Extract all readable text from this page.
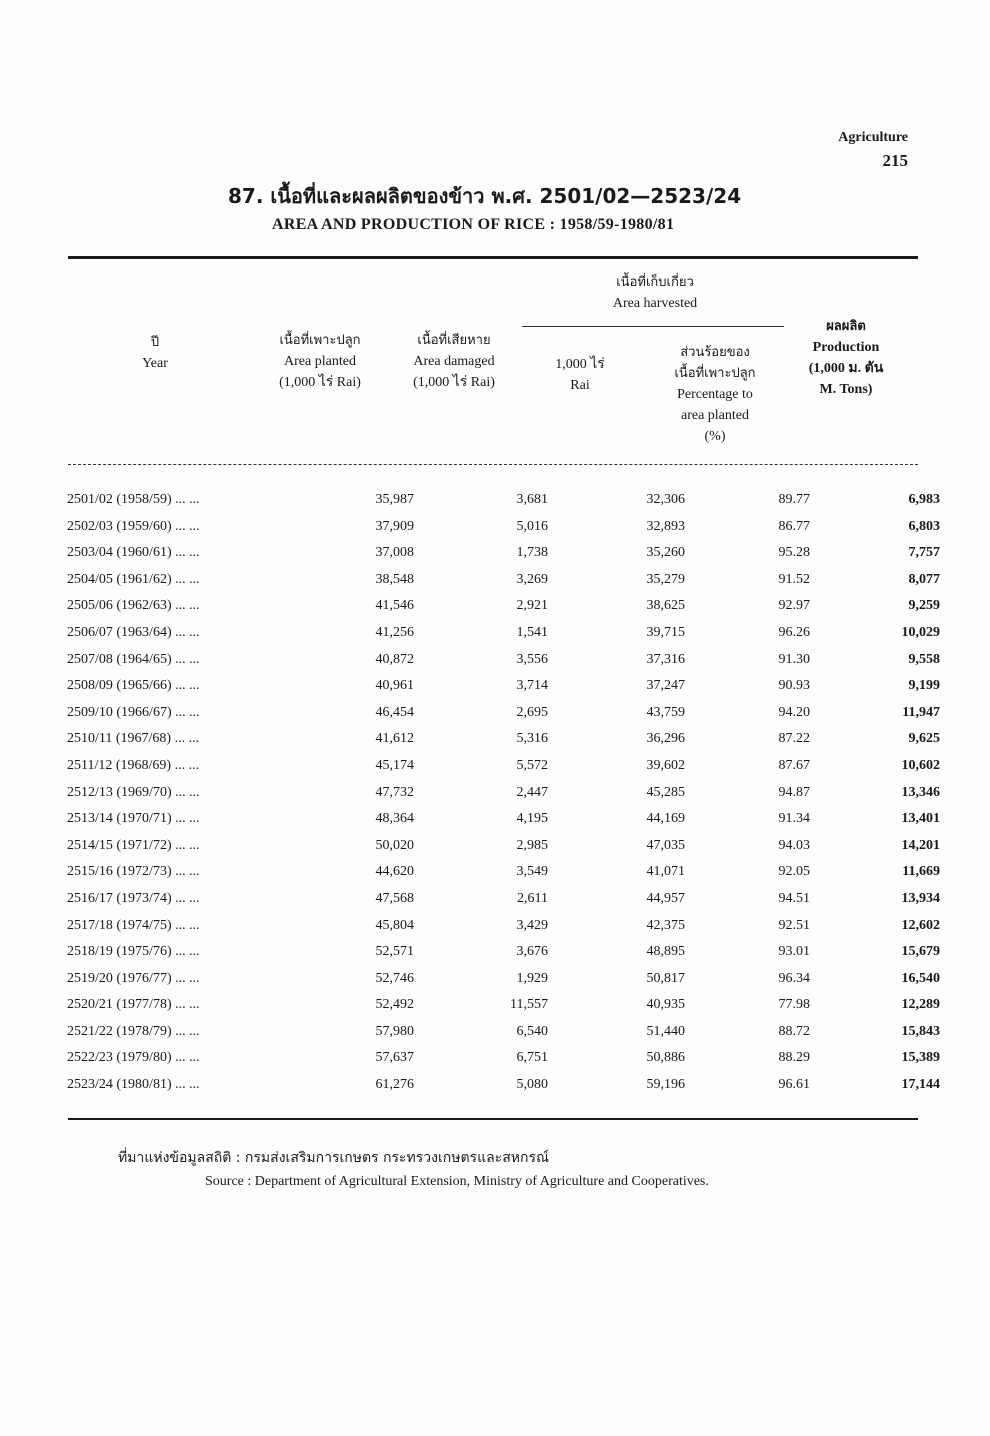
Agriculture
215
87. เนื้อที่และผลผลิตของข้าว พ.ศ. 2501/02—2523/24
AREA AND PRODUCTION OF RICE : 1958/59-1980/81
ปี
Year
เนื้อที่เพาะปลูก
Area planted
(1,000 ไร่ Rai)
เนื้อที่เสียหาย
Area damaged
(1,000 ไร่ Rai)
เนื้อที่เก็บเกี่ยว
Area harvested
1,000 ไร่
Rai
ส่วนร้อยของ
เนื้อที่เพาะปลูก
Percentage to
area planted
(%)
ผลผลิต
Production
(1,000 ม. ตัน
M. Tons)
2501/02 (1958/59) ... ...	35,987	3,681	32,306	89.77	6,983
2502/03 (1959/60) ... ...	37,909	5,016	32,893	86.77	6,803
2503/04 (1960/61) ... ...	37,008	1,738	35,260	95.28	7,757
2504/05 (1961/62) ... ...	38,548	3,269	35,279	91.52	8,077
2505/06 (1962/63) ... ...	41,546	2,921	38,625	92.97	9,259
2506/07 (1963/64) ... ...	41,256	1,541	39,715	96.26	10,029
2507/08 (1964/65) ... ...	40,872	3,556	37,316	91.30	9,558
2508/09 (1965/66) ... ...	40,961	3,714	37,247	90.93	9,199
2509/10 (1966/67) ... ...	46,454	2,695	43,759	94.20	11,947
2510/11 (1967/68) ... ...	41,612	5,316	36,296	87.22	9,625
2511/12 (1968/69) ... ...	45,174	5,572	39,602	87.67	10,602
2512/13 (1969/70) ... ...	47,732	2,447	45,285	94.87	13,346
2513/14 (1970/71) ... ...	48,364	4,195	44,169	91.34	13,401
2514/15 (1971/72) ... ...	50,020	2,985	47,035	94.03	14,201
2515/16 (1972/73) ... ...	44,620	3,549	41,071	92.05	11,669
2516/17 (1973/74) ... ...	47,568	2,611	44,957	94.51	13,934
2517/18 (1974/75) ... ...	45,804	3,429	42,375	92.51	12,602
2518/19 (1975/76) ... ...	52,571	3,676	48,895	93.01	15,679
2519/20 (1976/77) ... ...	52,746	1,929	50,817	96.34	16,540
2520/21 (1977/78) ... ...	52,492	11,557	40,935	77.98	12,289
2521/22 (1978/79) ... ...	57,980	6,540	51,440	88.72	15,843
2522/23 (1979/80) ... ...	57,637	6,751	50,886	88.29	15,389
2523/24 (1980/81) ... ...	61,276	5,080	59,196	96.61	17,144
ที่มาแห่งข้อมูลสถิติ : กรมส่งเสริมการเกษตร กระทรวงเกษตรและสหกรณ์
Source : Department of Agricultural Extension, Ministry of Agriculture and Cooperatives.
